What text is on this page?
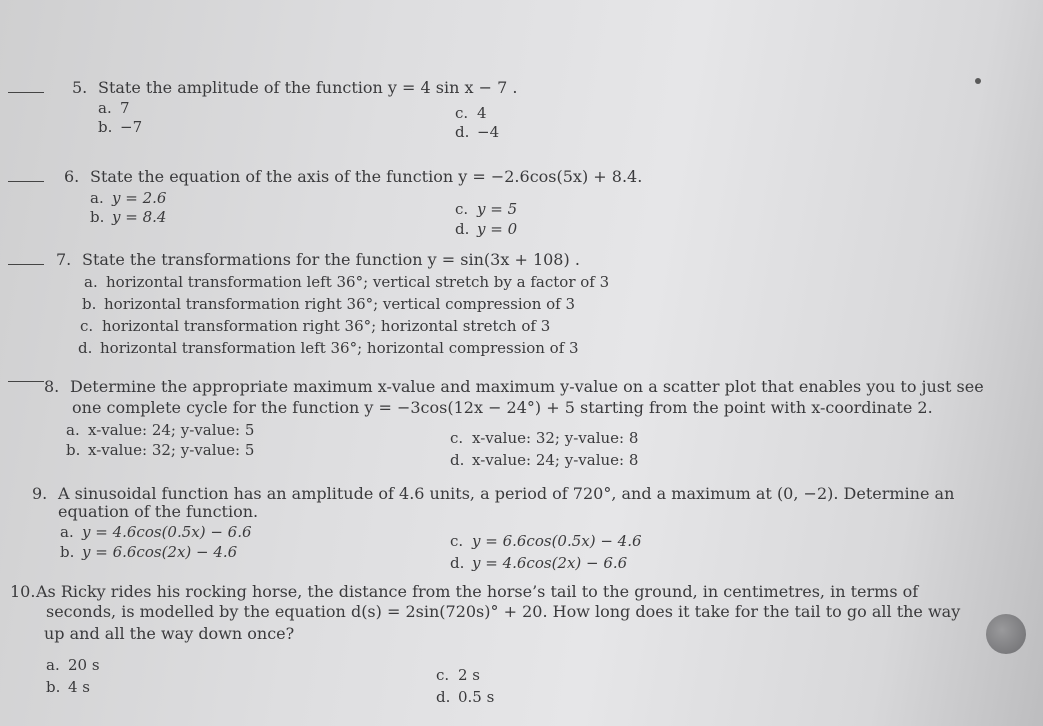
5. State the amplitude of the function y = 4 sin x − 7 .
a. 7
b. −7
c. 4
d. −4
6. State the equation of the axis of the function y = −2.6cos(5x) + 8.4.
a. y = 2.6
b. y = 8.4	c. y = 5
d. y = 0
7. State the transformations for the function y = sin(3x + 108) .
a. horizontal transformation left 36°; vertical stretch by a factor of 3
b. horizontal transformation right 36°; vertical compression of 3
c. horizontal transformation right 36°; horizontal stretch of 3
d. horizontal transformation left 36°; horizontal compression of 3
8. Determine the appropriate maximum x-value and maximum y-value on a scatter plot that enables you to just see
one complete cycle for the function y = −3cos(12x − 24°) + 5 starting from the point with x-coordinate 2.
a. x-value: 24; y-value: 5
b. x-value: 32; y-value: 5
c. x-value: 32; y-value: 8
d. x-value: 24; y-value: 8
9. A sinusoidal function has an amplitude of 4.6 units, a period of 720°, and a maximum at (0, −2). Determine an
equation of the function.
a. y = 4.6cos(0.5x) − 6.6
b. y = 6.6cos(2x) − 4.6
c. y = 6.6cos(0.5x) − 4.6
d. y = 4.6cos(2x) − 6.6
10.As Ricky rides his rocking horse, the distance from the horse’s tail to the ground, in centimetres, in terms of
seconds, is modelled by the equation d(s) = 2sin(720s)° + 20. How long does it take for the tail to go all the way
up and all the way down once?
a. 20 s
b. 4 s
c. 2 s
d. 0.5 s
